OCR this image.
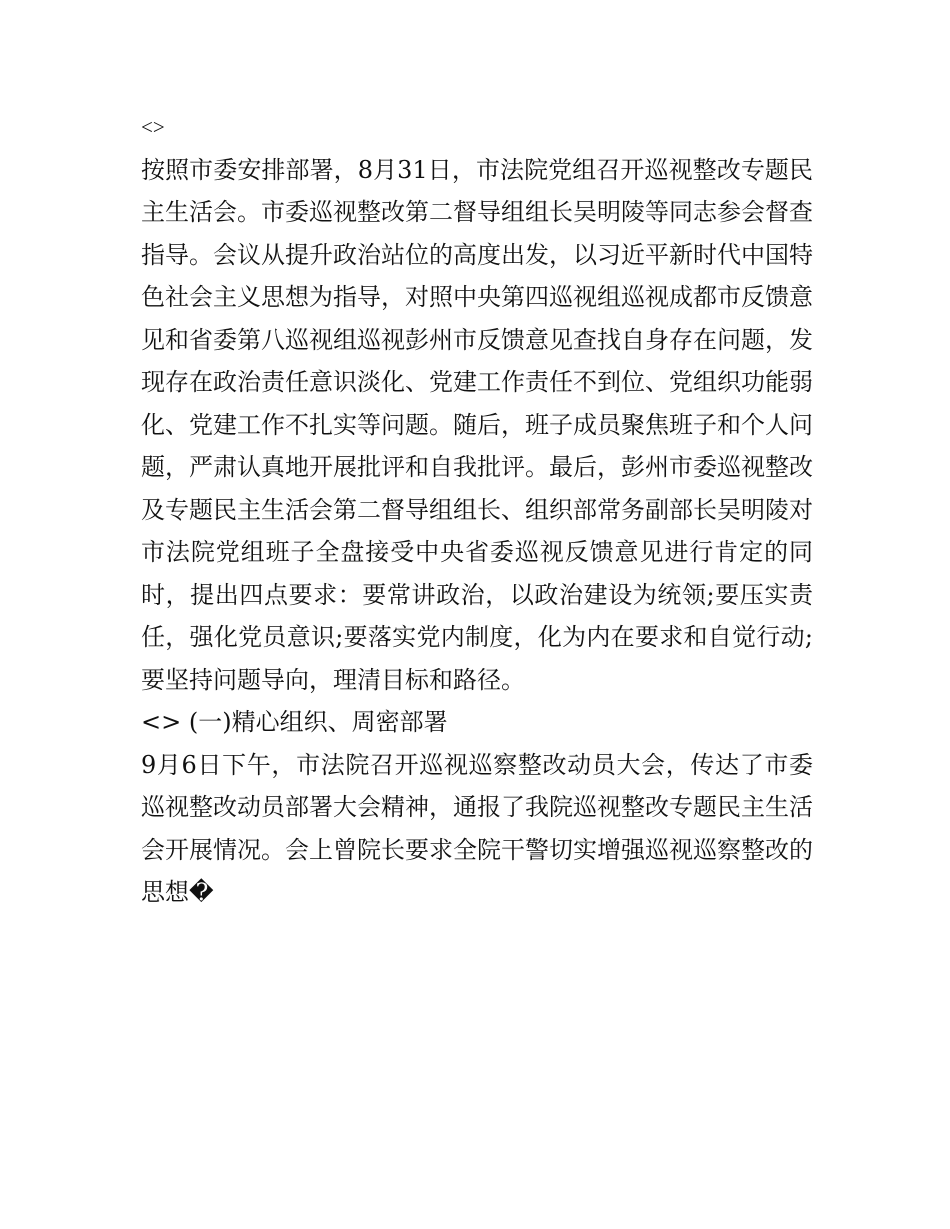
<>

按照市委安排部署，8月31日，市法院党组召开巡视整改专题民主生活会。市委巡视整改第二督导组组长吴明陵等同志参会督查指导。会议从提升政治站位的高度出发，以习近平新时代中国特色社会主义思想为指导，对照中央第四巡视组巡视成都市反馈意见和省委第八巡视组巡视彭州市反馈意见查找自身存在问题，发现存在政治责任意识淡化、党建工作责任不到位、党组织功能弱化、党建工作不扎实等问题。随后，班子成员聚焦班子和个人问题，严肃认真地开展批评和自我批评。最后，彭州市委巡视整改及专题民主生活会第二督导组组长、组织部常务副部长吴明陵对市法院党组班子全盘接受中央省委巡视反馈意见进行肯定的同时，提出四点要求：要常讲政治，以政治建设为统领;要压实责任，强化党员意识;要落实党内制度，化为内在要求和自觉行动;要坚持问题导向，理清目标和路径。

<> (一)精心组织、周密部署

9月6日下午，市法院召开巡视巡察整改动员大会，传达了市委巡视整改动员部署大会精神，通报了我院巡视整改专题民主生活会开展情况。会上曾院长要求全院干警切实增强巡视巡察整改的思想�
